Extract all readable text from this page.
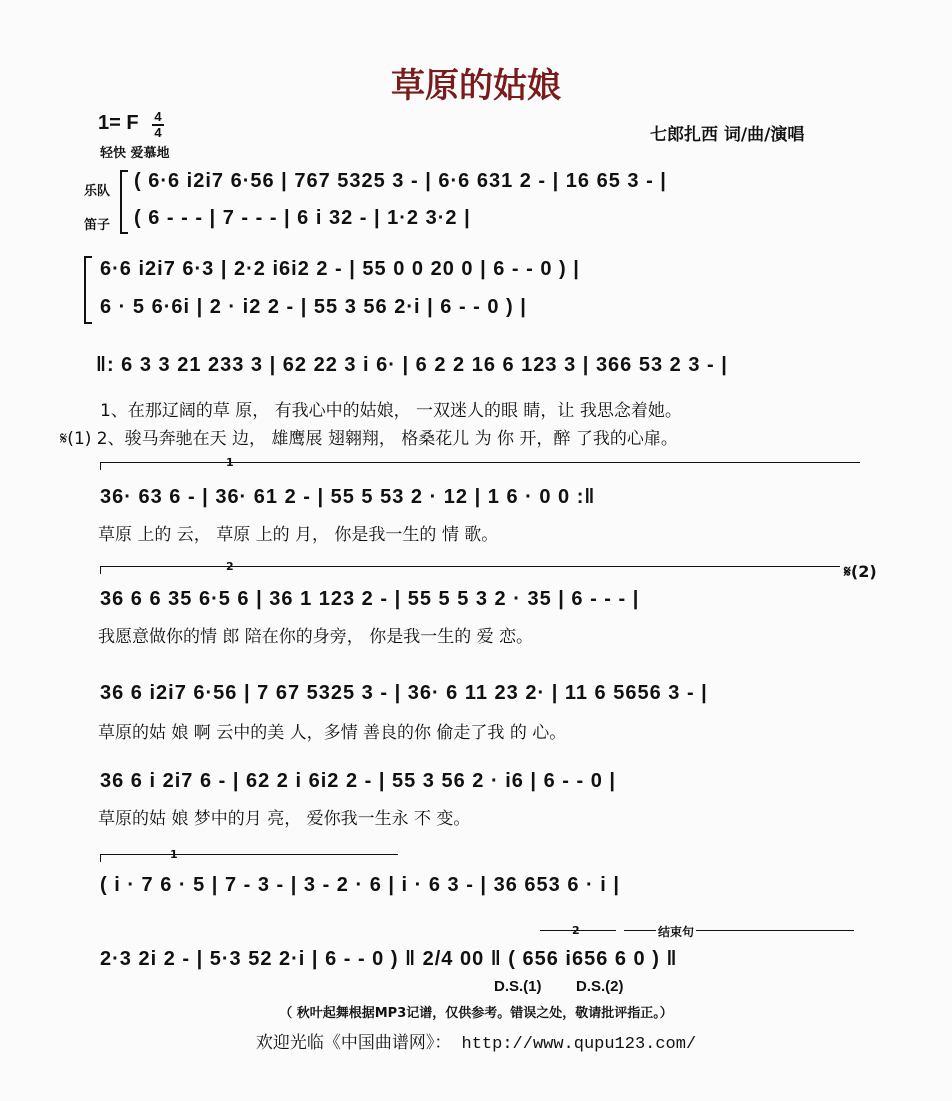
草原的姑娘
1= F 4
4
轻快 爱慕地
七郎扎西 词/曲/演唱
乐队
笛子
( 6·6 i2i7 6·56 | 767 5325 3 - | 6·6 631 2 - | 16 65 3 - |
( 6 - - - | 7 - - - | 6 i 32 - | 1·2 3·2 |
6·6 i2i7 6·3 | 2·2 i6i2 2 - | 55 0 0 20 0 | 6 - - 0 ) |
6 · 5 6·6i | 2 · i2 2 - | 55 3 56 2·i | 6 - - 0 ) |
‖: 6 3 3 21 233 3 | 62 22 3 i 6· | 6 2 2 16 6 123 3 | 366 53 2 3 - |
1、在那辽阔的草 原， 有我心中的姑娘， 一双迷人的眼 睛，让 我思念着她。
𝄋(1) 2、骏马奔驰在天 边， 雄鹰展 翅翱翔， 格桑花儿 为 你 开，醉 了我的心扉。
1
36· 63 6 - | 36· 61 2 - | 55 5 53 2 · 12 | 1 6 · 0 0 :‖
草原 上的 云， 草原 上的 月， 你是我一生的 情 歌。
2	𝄋(2)
36 6 6 35 6·5 6 | 36 1 123 2 - | 55 5 5 3 2 · 35 | 6 - - - |
我愿意做你的情 郎 陪在你的身旁， 你是我一生的 爱 恋。
36 6 i2i7 6·56 | 7 67 5325 3 - | 36· 6 11 23 2· | 11 6 5656 3 - |
草原的姑 娘 啊 云中的美 人，多情 善良的你 偷走了我 的 心。
36 6 i 2i7 6 - | 62 2 i 6i2 2 - | 55 3 56 2 · i6 | 6 - - 0 |
草原的姑 娘 梦中的月 亮， 爱你我一生永 不 变。
1
( i · 7 6 · 5 | 7 - 3 - | 3 - 2 · 6 | i · 6 3 - | 36 653 6 · i |
2	结束句
2·3 2i 2 - | 5·3 52 2·i | 6 - - 0 ) ‖ 2/4 00 ‖ ( 656 i656 6 0 ) ‖
D.S.(1) D.S.(2)
（ 秋叶起舞根据MP3记谱，仅供参考。错误之处，敬请批评指正。）
欢迎光临《中国曲谱网》： http://www.qupu123.com/
